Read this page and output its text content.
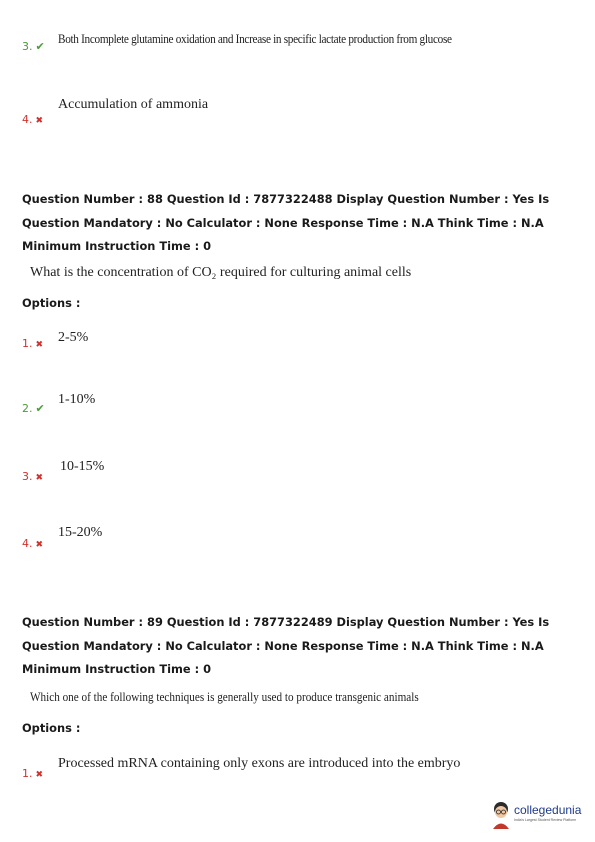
3. ✔
Both Incomplete glutamine oxidation and Increase in specific lactate production from glucose
4. ✖
Accumulation of ammonia
Question Number : 88 Question Id : 7877322488 Display Question Number : Yes Is Question Mandatory : No Calculator : None Response Time : N.A Think Time : N.A Minimum Instruction Time : 0
What is the concentration of CO₂ required for culturing animal cells
Options :
1. ✖ 2-5%
2. ✔
1-10%
3. ✖
10-15%
4. ✖
15-20%
Question Number : 89 Question Id : 7877322489 Display Question Number : Yes Is Question Mandatory : No Calculator : None Response Time : N.A Think Time : N.A Minimum Instruction Time : 0
Which one of the following techniques is generally used to produce transgenic animals
Options :
1. ✖
Processed mRNA containing only exons are introduced into the embryo
collegedunia
India's Largest Student Review Platform
